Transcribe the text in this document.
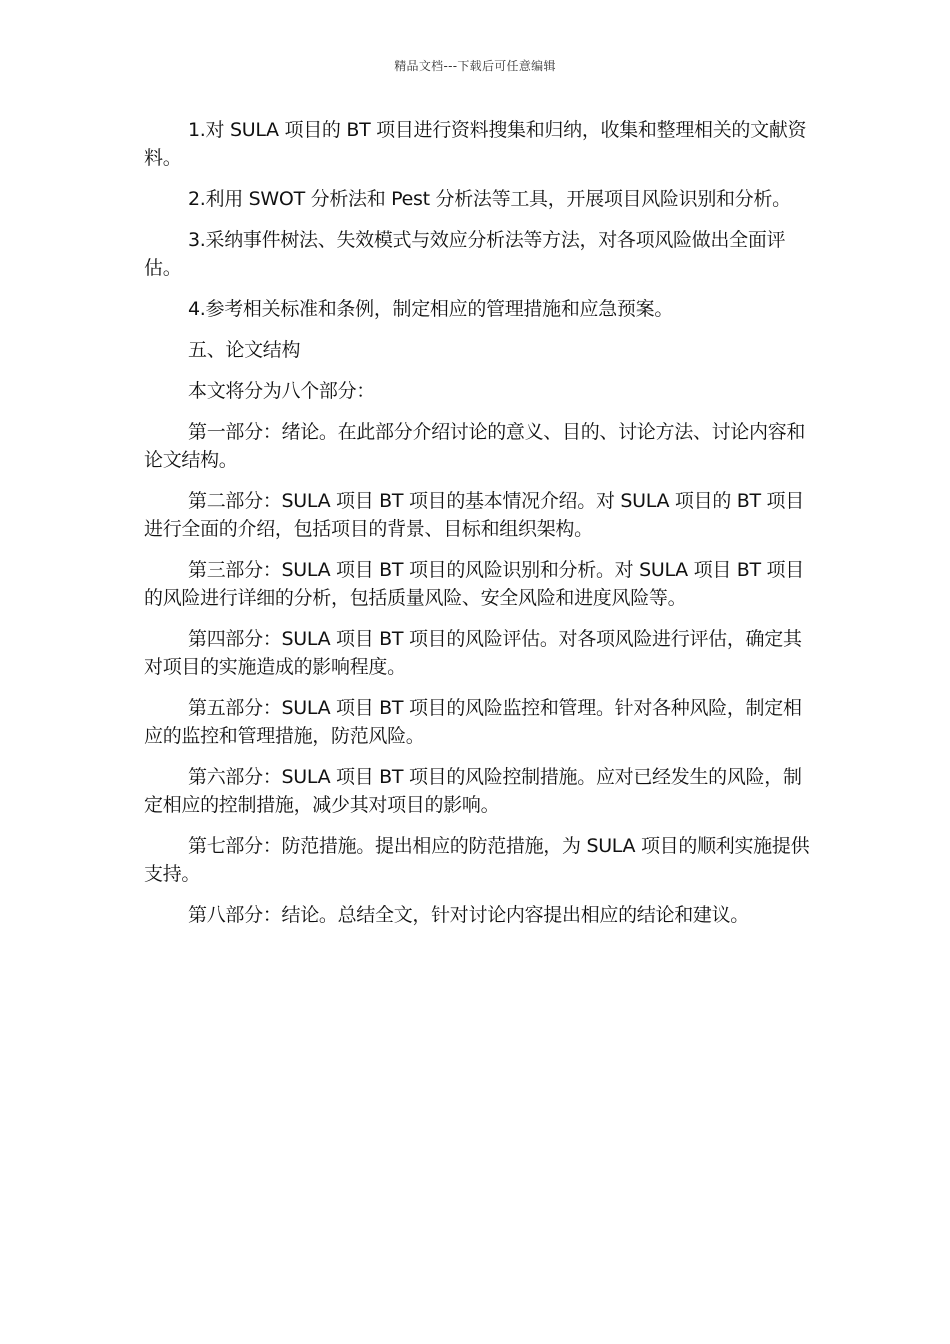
精品文档---下载后可任意编辑

1.对 SULA 项目的 BT 项目进行资料搜集和归纳，收集和整理相关的文献资料。

2.利用 SWOT 分析法和 Pest 分析法等工具，开展项目风险识别和分析。

3.采纳事件树法、失效模式与效应分析法等方法，对各项风险做出全面评估。

4.参考相关标准和条例，制定相应的管理措施和应急预案。

五、论文结构

本文将分为八个部分：

第一部分：绪论。在此部分介绍讨论的意义、目的、讨论方法、讨论内容和论文结构。

第二部分：SULA 项目 BT 项目的基本情况介绍。对 SULA 项目的 BT 项目进行全面的介绍，包括项目的背景、目标和组织架构。

第三部分：SULA 项目 BT 项目的风险识别和分析。对 SULA 项目 BT 项目的风险进行详细的分析，包括质量风险、安全风险和进度风险等。

第四部分：SULA 项目 BT 项目的风险评估。对各项风险进行评估，确定其对项目的实施造成的影响程度。

第五部分：SULA 项目 BT 项目的风险监控和管理。针对各种风险，制定相应的监控和管理措施，防范风险。

第六部分：SULA 项目 BT 项目的风险控制措施。应对已经发生的风险，制定相应的控制措施，减少其对项目的影响。

第七部分：防范措施。提出相应的防范措施，为 SULA 项目的顺利实施提供支持。

第八部分：结论。总结全文，针对讨论内容提出相应的结论和建议。
